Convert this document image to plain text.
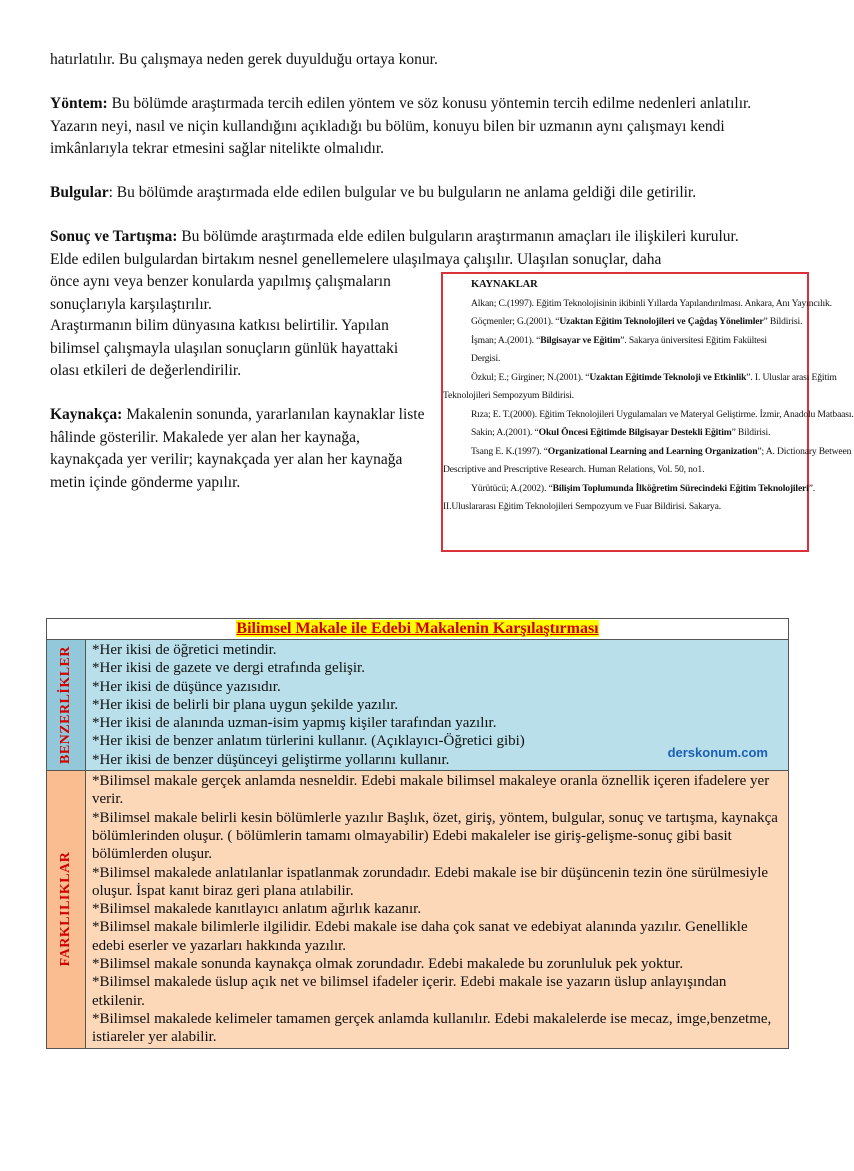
hatırlatılır. Bu çalışmaya neden gerek duyulduğu ortaya konur.
Yöntem: Bu bölümde araştırmada tercih edilen yöntem ve söz konusu yöntemin tercih edilme nedenleri anlatılır. Yazarın neyi, nasıl ve niçin kullandığını açıkladığı bu bölüm, konuyu bilen bir uzmanın aynı çalışmayı kendi imkânlarıyla tekrar etmesini sağlar nitelikte olmalıdır.
Bulgular: Bu bölümde araştırmada elde edilen bulgular ve bu bulguların ne anlama geldiği dile getirilir.
Sonuç ve Tartışma: Bu bölümde araştırmada elde edilen bulguların araştırmanın amaçları ile ilişkileri kurulur. Elde edilen bulgulardan birtakım nesnel genellemelere ulaşılmaya çalışılır. Ulaşılan sonuçlar, daha
önce aynı veya benzer konularda yapılmış çalışmaların sonuçlarıyla karşılaştırılır.
Araştırmanın bilim dünyasına katkısı belirtilir. Yapılan bilimsel çalışmayla ulaşılan sonuçların günlük hayattaki olası etkileri de değerlendirilir.
Kaynakça: Makalenin sonunda, yararlanılan kaynaklar liste hâlinde gösterilir. Makalede yer alan her kaynağa, kaynakçada yer verilir; kaynakçada yer alan her kaynağa metin içinde gönderme yapılır.
KAYNAKLAR
Alkan; C.(1997). Eğitim Teknolojisinin ikibinli Yıllarda Yapılandırılması. Ankara, Anı Yayıncılık.
Göçmenler; G.(2001). “Uzaktan Eğitim Teknolojileri ve Çağdaş Yönelimler” Bildirisi.
İşman; A.(2001). “Bilgisayar ve Eğitim”. Sakarya üniversitesi Eğitim Fakültesi
Dergisi.
Özkul; E.; Girginer; N.(2001). “Uzaktan Eğitimde Teknoloji ve Etkinlik”. I. Uluslar arası Eğitim
Teknolojileri Sempozyum Bildirisi.
Rıza; E. T.(2000). Eğitim Teknolojileri Uygulamaları ve Materyal Geliştirme. İzmir, Anadolu Matbaası.
Sakin; A.(2001). “Okul Öncesi Eğitimde Bilgisayar Destekli Eğitim” Bildirisi.
Tsang E. K.(1997). “Organizational Learning and Learning Organization”; A. Dictionary Between
Descriptive and Prescriptive Research. Human Relations, Vol. 50, no1.
Yürütücü; A.(2002). “Bilişim Toplumunda İlköğretim Sürecindeki Eğitim Teknolojileri”.
II.Uluslararası Eğitim Teknolojileri Sempozyum ve Fuar Bildirisi. Sakarya.
Bilimsel Makale ile Edebi Makalenin Karşılaştırması
BENZERLİKLER *Her ikisi de öğretici metindir.
*Her ikisi de gazete ve dergi etrafında gelişir.
*Her ikisi de düşünce yazısıdır.
*Her ikisi de belirli bir plana uygun şekilde yazılır.
*Her ikisi de alanında uzman-isim yapmış kişiler tarafından yazılır.
*Her ikisi de benzer anlatım türlerini kullanır. (Açıklayıcı-Öğretici gibi)
*Her ikisi de benzer düşünceyi geliştirme yollarını kullanır.	derskonum.com
FARKLILIKLAR
*Bilimsel makale gerçek anlamda nesneldir. Edebi makale bilimsel makaleye oranla öznellik içeren ifadelere yer verir.
*Bilimsel makale belirli kesin bölümlerle yazılır Başlık, özet, giriş, yöntem, bulgular, sonuç ve tartışma, kaynakça bölümlerinden oluşur. ( bölümlerin tamamı olmayabilir) Edebi makaleler ise giriş-gelişme-sonuç gibi basit bölümlerden oluşur.
*Bilimsel makalede anlatılanlar ispatlanmak zorundadır. Edebi makale ise bir düşüncenin tezin öne sürülmesiyle oluşur. İspat kanıt biraz geri plana atılabilir.
*Bilimsel makalede kanıtlayıcı anlatım ağırlık kazanır.
*Bilimsel makale bilimlerle ilgilidir. Edebi makale ise daha çok sanat ve edebiyat alanında yazılır. Genellikle edebi eserler ve yazarları hakkında yazılır.
*Bilimsel makale sonunda kaynakça olmak zorundadır. Edebi makalede bu zorunluluk pek yoktur.
*Bilimsel makalede üslup açık net ve bilimsel ifadeler içerir. Edebi makale ise yazarın üslup anlayışından etkilenir.
*Bilimsel makalede kelimeler tamamen gerçek anlamda kullanılır. Edebi makalelerde ise mecaz, imge,benzetme, istiareler yer alabilir.
